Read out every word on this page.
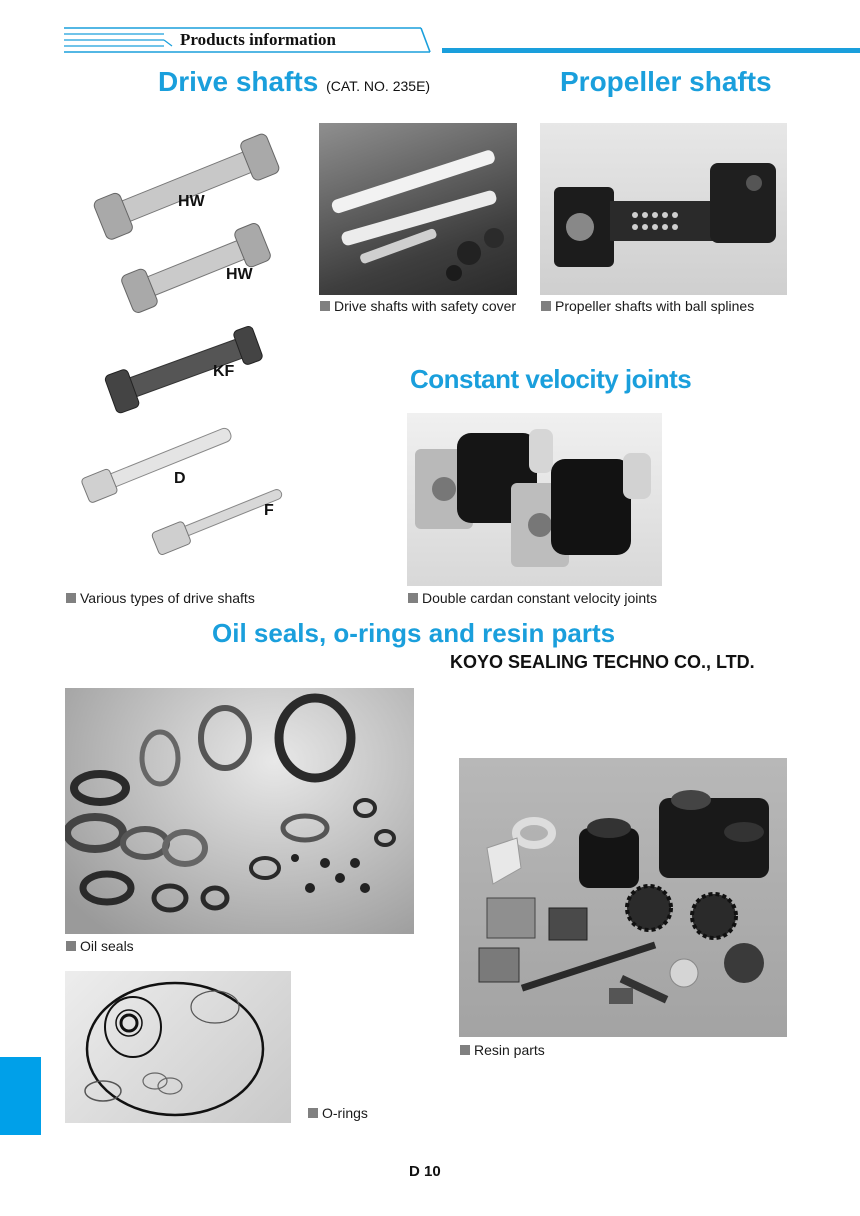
Products information
Drive shafts (CAT. NO. 235E)	Propeller shafts
Constant velocity joints
Oil seals, o-rings and resin parts
KOYO SEALING TECHNO CO., LTD.
HW
HW
KF
D
F
Drive shafts with safety cover	Propeller shafts with ball splines
Various types of drive shafts	Double cardan constant velocity joints
Oil seals
O-rings
Resin parts
D 10
